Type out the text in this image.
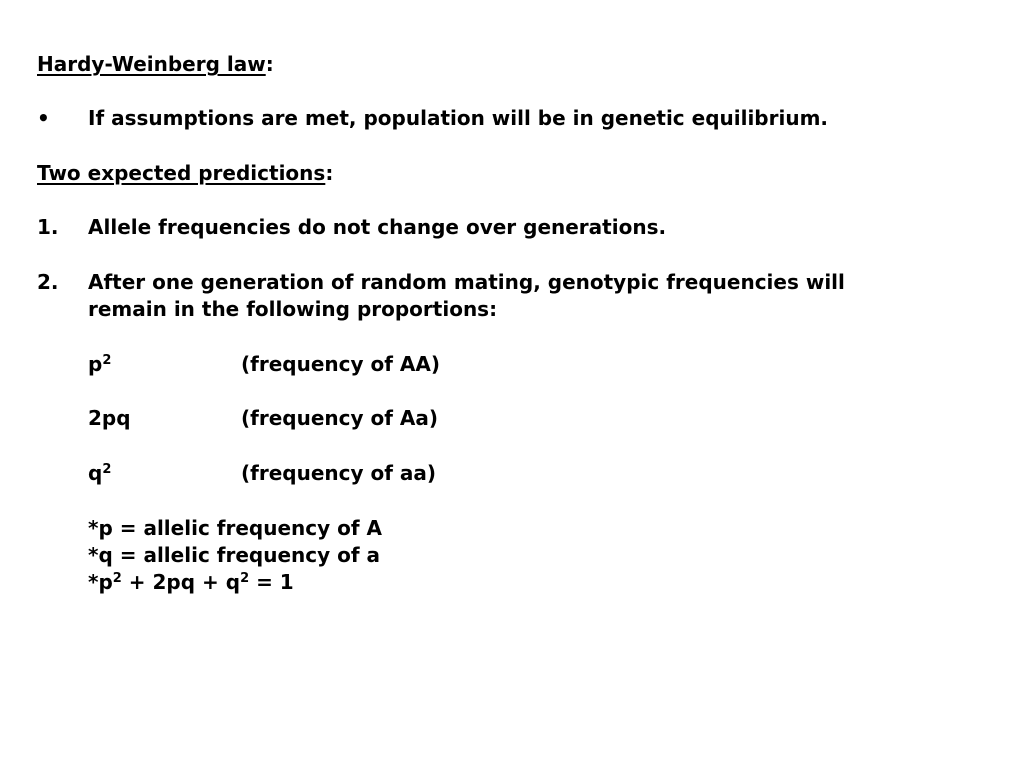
Hardy-Weinberg law:
• If assumptions are met, population will be in genetic equilibrium.
Two expected predictions:
1. Allele frequencies do not change over generations.
2. After one generation of random mating, genotypic frequencies will
remain in the following proportions:
$p^2$	(frequency of AA)
2pq	(frequency of Aa)
$q^2$	(frequency of aa)
*p = allelic frequency of A
*q = allelic frequency of a
$*p^2 + 2pq + q^2 = 1$
